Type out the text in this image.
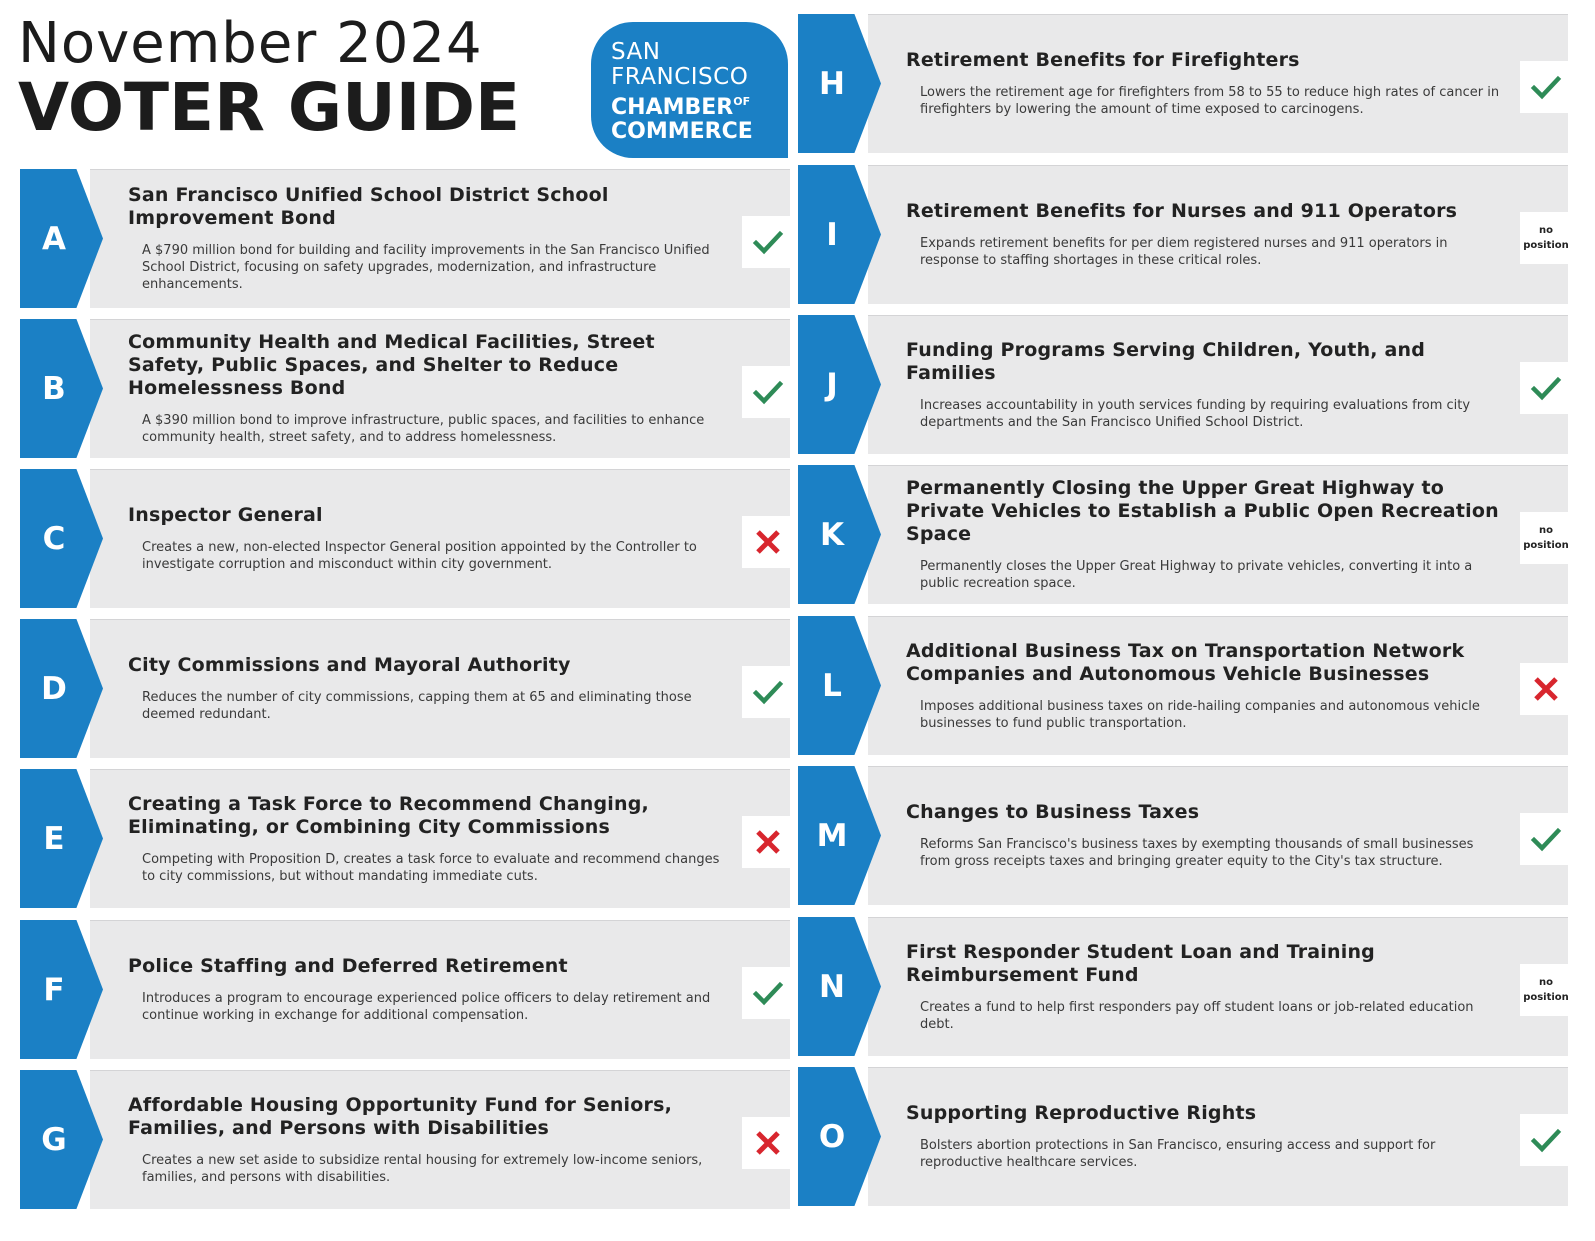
November 2024
VOTER GUIDE
SAN
FRANCISCO
$CHAMBER^{OF}$
COMMERCE
A
San Francisco Unified School District School Improvement Bond
A $790 million bond for building and facility improvements in the San Francisco Unified School District, focusing on safety upgrades, modernization, and infrastructure enhancements.
B
Community Health and Medical Facilities, Street Safety, Public Spaces, and Shelter to Reduce Homelessness Bond
A $390 million bond to improve infrastructure, public spaces, and facilities to enhance community health, street safety, and to address homelessness.
C
Inspector General
Creates a new, non-elected Inspector General position appointed by the Controller to investigate corruption and misconduct within city government.
D
City Commissions and Mayoral Authority
Reduces the number of city commissions, capping them at 65 and eliminating those deemed redundant.
E
Creating a Task Force to Recommend Changing, Eliminating, or Combining City Commissions
Competing with Proposition D, creates a task force to evaluate and recommend changes to city commissions, but without mandating immediate cuts.
F
Police Staffing and Deferred Retirement
Introduces a program to encourage experienced police officers to delay retirement and continue working in exchange for additional compensation.
G
Affordable Housing Opportunity Fund for Seniors, Families, and Persons with Disabilities
Creates a new set aside to subsidize rental housing for extremely low-income seniors, families, and persons with disabilities.
H
Retirement Benefits for Firefighters
Lowers the retirement age for firefighters from 58 to 55 to reduce high rates of cancer in firefighters by lowering the amount of time exposed to carcinogens.
I
Retirement Benefits for Nurses and 911 Operators
Expands retirement benefits for per diem registered nurses and 911 operators in response to staffing shortages in these critical roles.
no
position
J
Funding Programs Serving Children, Youth, and Families
Increases accountability in youth services funding by requiring evaluations from city departments and the San Francisco Unified School District.
K
Permanently Closing the Upper Great Highway to Private Vehicles to Establish a Public Open Recreation Space
Permanently closes the Upper Great Highway to private vehicles, converting it into a public recreation space.
no
position
L
Additional Business Tax on Transportation Network Companies and Autonomous Vehicle Businesses
Imposes additional business taxes on ride-hailing companies and autonomous vehicle businesses to fund public transportation.
M
Changes to Business Taxes
Reforms San Francisco's business taxes by exempting thousands of small businesses from gross receipts taxes and bringing greater equity to the City's tax structure.
N
First Responder Student Loan and Training Reimbursement Fund
Creates a fund to help first responders pay off student loans or job-related education debt.
no
position
O
Supporting Reproductive Rights
Bolsters abortion protections in San Francisco, ensuring access and support for reproductive healthcare services.
